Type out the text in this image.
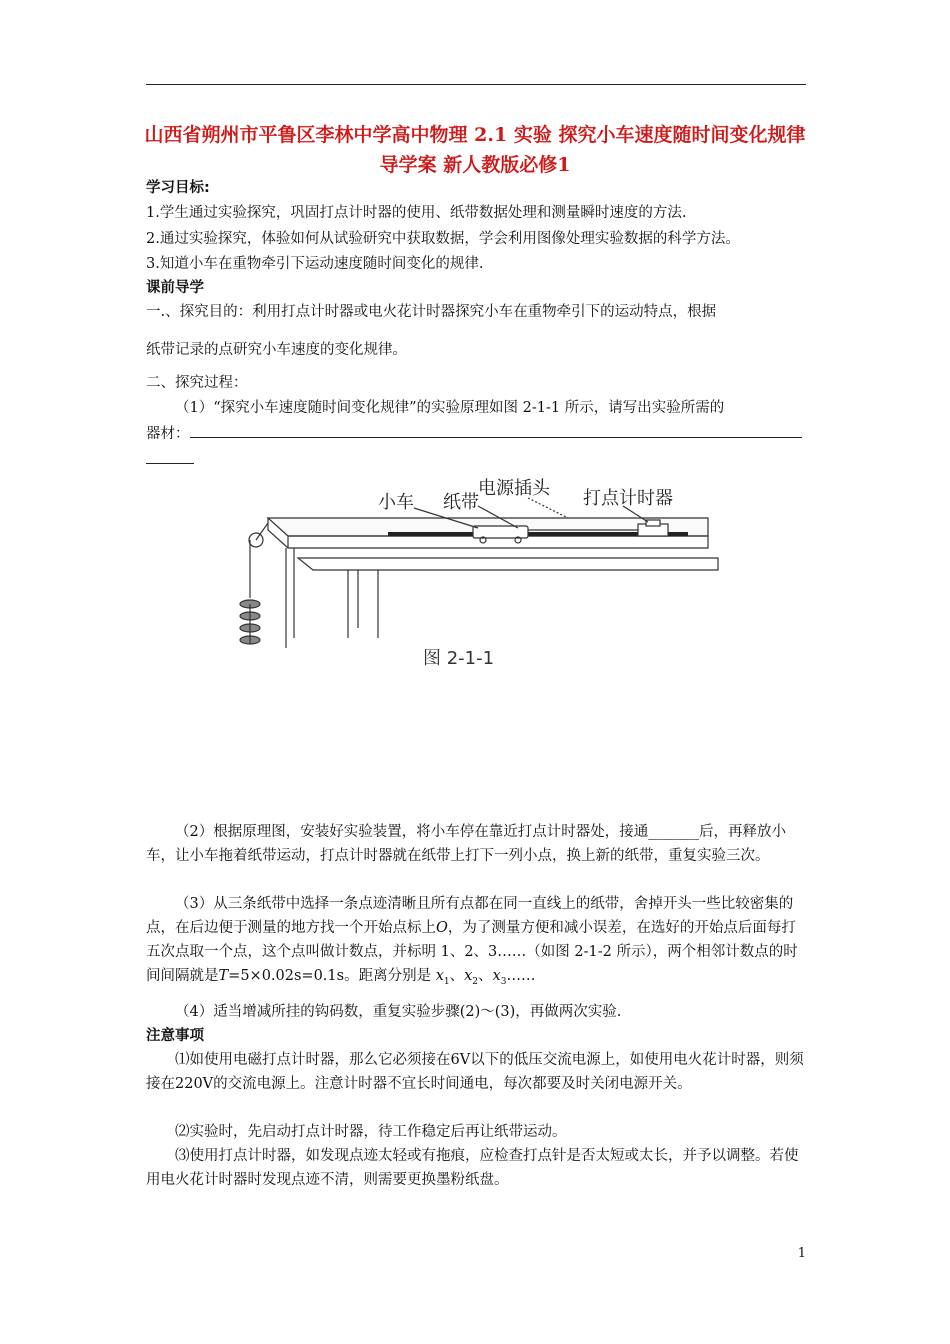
山西省朔州市平鲁区李林中学高中物理 2.1 实验 探究小车速度随时间变化规律导学案 新人教版必修1

学习目标:

1.学生通过实验探究，巩固打点计时器的使用、纸带数据处理和测量瞬时速度的方法.

2.通过实验探究，体验如何从试验研究中获取数据，学会利用图像处理实验数据的科学方法。

3.知道小车在重物牵引下运动速度随时间变化的规律.

课前导学

一.、探究目的：利用打点计时器或电火花计时器探究小车在重物牵引下的运动特点，根据

纸带记录的点研究小车速度的变化规律。

二、探究过程：

（1）“探究小车速度随时间变化规律”的实验原理如图 2-1-1 所示，请写出实验所需的

器材：

小车 纸带
电源插头 打点计时器
图 2-1-1

（2）根据原理图，安装好实验装置，将小车停在靠近打点计时器处，接通_______后，再释放小车，让小车拖着纸带运动，打点计时器就在纸带上打下一列小点，换上新的纸带，重复实验三次。

（3）从三条纸带中选择一条点迹清晰且所有点都在同一直线上的纸带，舍掉开头一些比较密集的点，在后边便于测量的地方找一个开始点标上O，为了测量方便和减小误差，在选好的开始点后面每打五次点取一个点，这个点叫做计数点，并标明 1、2、3……（如图 2-1-2 所示），两个相邻计数点的时间间隔就是T=5×0.02s=0.1s。距离分别是 $x_1$、$x_2$、$x_3\dots\dots$

（4）适当增减所挂的钩码数，重复实验步骤(2)～(3)，再做两次实验.

注意事项

⑴如使用电磁打点计时器，那么它必须接在6V以下的低压交流电源上，如使用电火花计时器，则须接在220V的交流电源上。注意计时器不宜长时间通电，每次都要及时关闭电源开关。

⑵实验时，先启动打点计时器，待工作稳定后再让纸带运动。

⑶使用打点计时器，如发现点迹太轻或有拖痕，应检查打点针是否太短或太长，并予以调整。若使用电火花计时器时发现点迹不清，则需要更换墨粉纸盘。

1
